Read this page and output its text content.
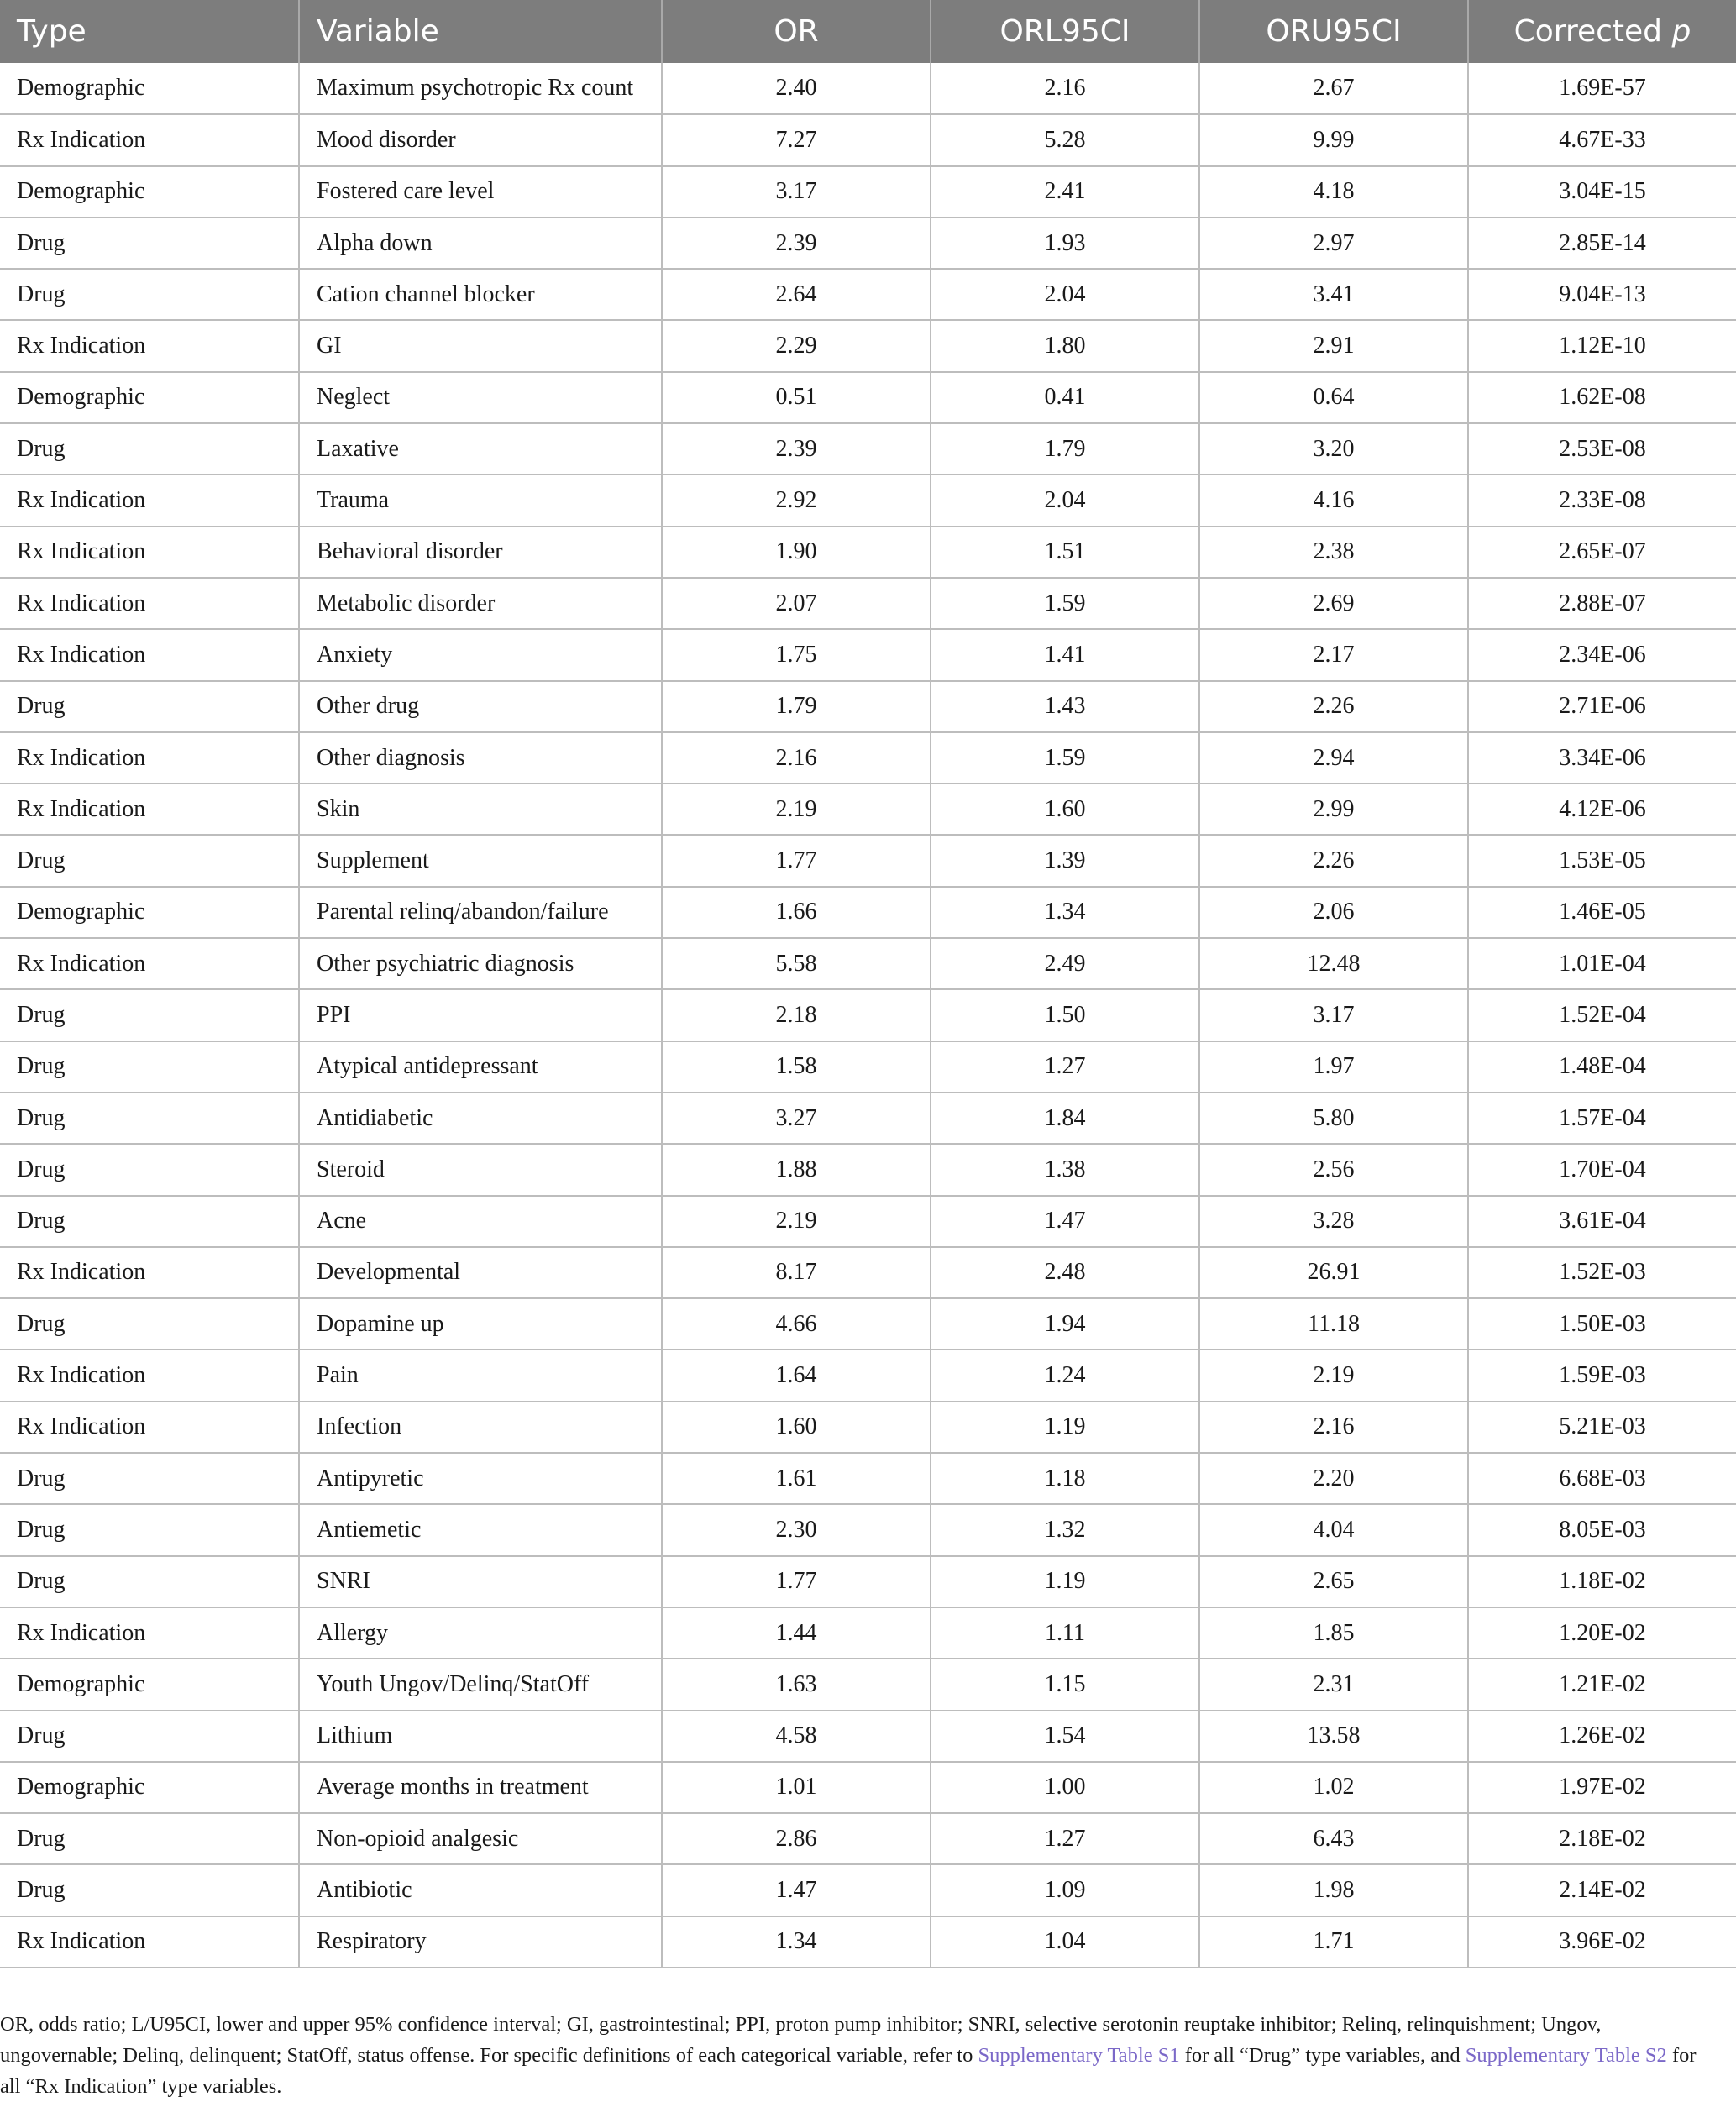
Type	Variable	OR	ORL95CI	ORU95CI	Corrected p
Demographic	Maximum psychotropic Rx count	2.40	2.16	2.67	1.69E-57
Rx Indication	Mood disorder	7.27	5.28	9.99	4.67E-33
Demographic	Fostered care level	3.17	2.41	4.18	3.04E-15
Drug	Alpha down	2.39	1.93	2.97	2.85E-14
Drug	Cation channel blocker	2.64	2.04	3.41	9.04E-13
Rx Indication	GI	2.29	1.80	2.91	1.12E-10
Demographic	Neglect	0.51	0.41	0.64	1.62E-08
Drug	Laxative	2.39	1.79	3.20	2.53E-08
Rx Indication	Trauma	2.92	2.04	4.16	2.33E-08
Rx Indication	Behavioral disorder	1.90	1.51	2.38	2.65E-07
Rx Indication	Metabolic disorder	2.07	1.59	2.69	2.88E-07
Rx Indication	Anxiety	1.75	1.41	2.17	2.34E-06
Drug	Other drug	1.79	1.43	2.26	2.71E-06
Rx Indication	Other diagnosis	2.16	1.59	2.94	3.34E-06
Rx Indication	Skin	2.19	1.60	2.99	4.12E-06
Drug	Supplement	1.77	1.39	2.26	1.53E-05
Demographic	Parental relinq/abandon/failure	1.66	1.34	2.06	1.46E-05
Rx Indication	Other psychiatric diagnosis	5.58	2.49	12.48	1.01E-04
Drug	PPI	2.18	1.50	3.17	1.52E-04
Drug	Atypical antidepressant	1.58	1.27	1.97	1.48E-04
Drug	Antidiabetic	3.27	1.84	5.80	1.57E-04
Drug	Steroid	1.88	1.38	2.56	1.70E-04
Drug	Acne	2.19	1.47	3.28	3.61E-04
Rx Indication	Developmental	8.17	2.48	26.91	1.52E-03
Drug	Dopamine up	4.66	1.94	11.18	1.50E-03
Rx Indication	Pain	1.64	1.24	2.19	1.59E-03
Rx Indication	Infection	1.60	1.19	2.16	5.21E-03
Drug	Antipyretic	1.61	1.18	2.20	6.68E-03
Drug	Antiemetic	2.30	1.32	4.04	8.05E-03
Drug	SNRI	1.77	1.19	2.65	1.18E-02
Rx Indication	Allergy	1.44	1.11	1.85	1.20E-02
Demographic	Youth Ungov/Delinq/StatOff	1.63	1.15	2.31	1.21E-02
Drug	Lithium	4.58	1.54	13.58	1.26E-02
Demographic	Average months in treatment	1.01	1.00	1.02	1.97E-02
Drug	Non-opioid analgesic	2.86	1.27	6.43	2.18E-02
Drug	Antibiotic	1.47	1.09	1.98	2.14E-02
Rx Indication	Respiratory	1.34	1.04	1.71	3.96E-02
OR, odds ratio; L/U95CI, lower and upper 95% confidence interval; GI, gastrointestinal; PPI, proton pump inhibitor; SNRI, selective serotonin reuptake inhibitor; Relinq, relinquishment; Ungov, ungovernable; Delinq, delinquent; StatOff, status offense. For specific definitions of each categorical variable, refer to Supplementary Table S1 for all “Drug” type variables, and Supplementary Table S2 for all “Rx Indication” type variables.
